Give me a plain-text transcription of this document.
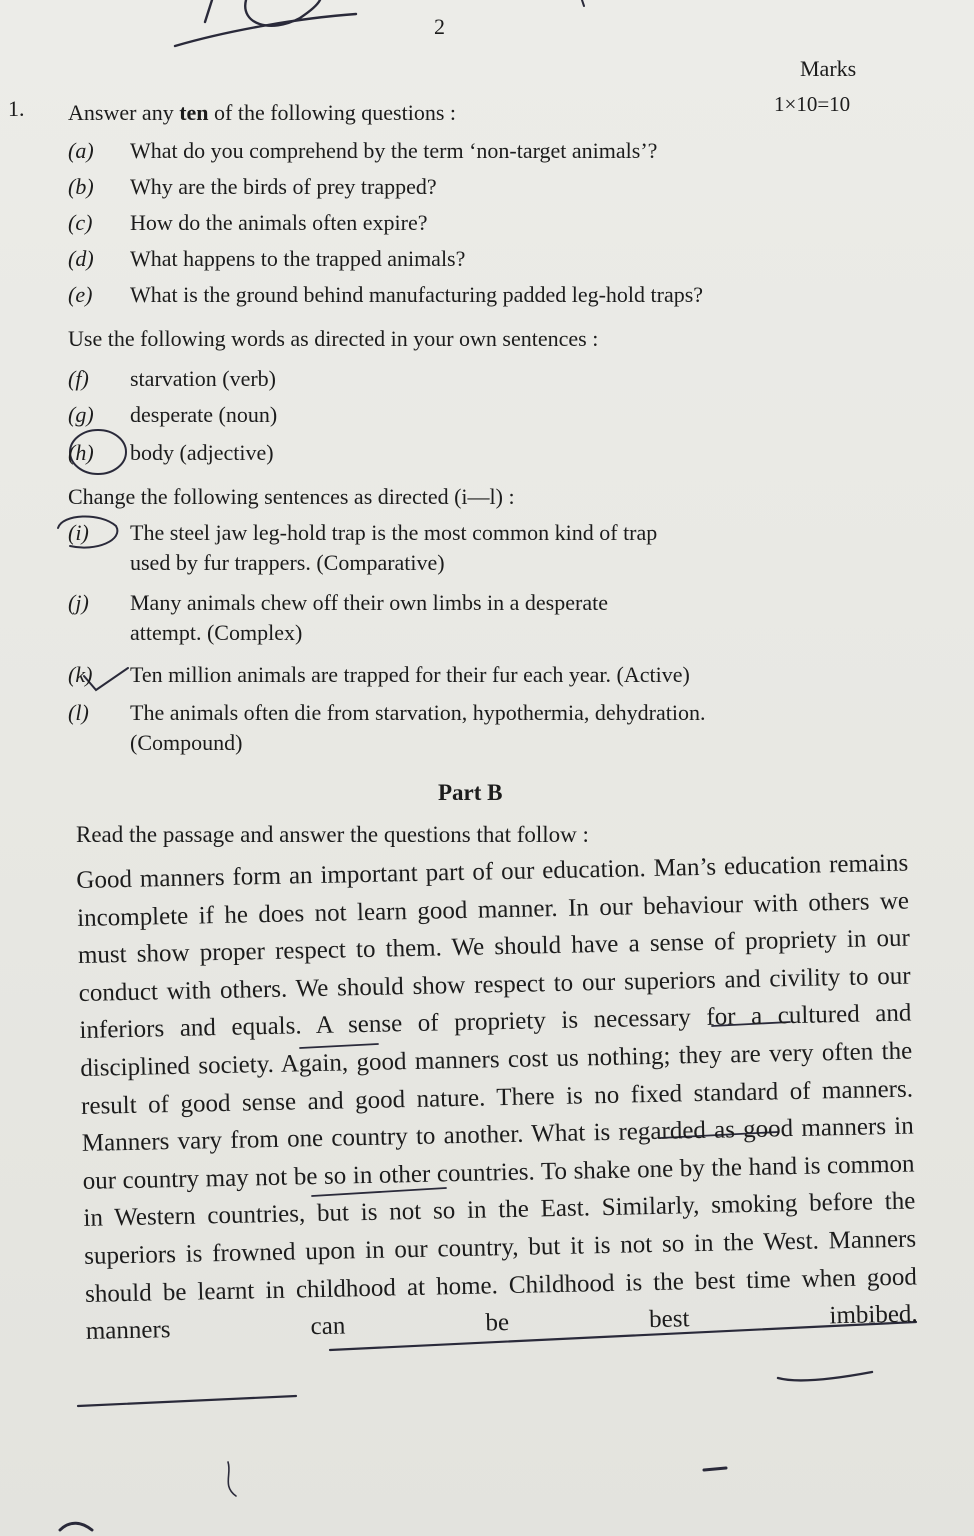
2
Marks
1×10=10
1. Answer any ten of the following questions :
(a) What do you comprehend by the term ‘non-target animals’?
(b) Why are the birds of prey trapped?
(c) How do the animals often expire?
(d) What happens to the trapped animals?
(e) What is the ground behind manufacturing padded leg-hold traps?
Use the following words as directed in your own sentences :
(f) starvation (verb)
(g) desperate (noun)
(h) body (adjective)
Change the following sentences as directed (i—l) :
(i) The steel jaw leg-hold trap is the most common kind of trap
used by fur trappers. (Comparative)
(j) Many animals chew off their own limbs in a desperate
attempt. (Complex)
(k) Ten million animals are trapped for their fur each year. (Active)
(l) The animals often die from starvation, hypothermia, dehydration.
(Compound)
Part B
Read the passage and answer the questions that follow :

Good manners form an important part of our education. Man’s education remains incomplete if he does not learn good manner. In our behaviour with others we must show proper respect to them. We should have a sense of propriety in our conduct with others. We should show respect to our superiors and civility to our inferiors and equals. A sense of propriety is necessary for a cultured and disciplined society. Again, good manners cost us nothing; they are very often the result of good sense and good nature. There is no fixed standard of manners. Manners vary from one country to another. What is regarded as good manners in our country may not be so in other countries. To shake one by the hand is common in Western countries, but is not so in the East. Similarly, smoking before the superiors is frowned upon in our country, but it is not so in the West. Manners should be learnt in childhood at home. Childhood is the best time when good manners can be best imbibed.
